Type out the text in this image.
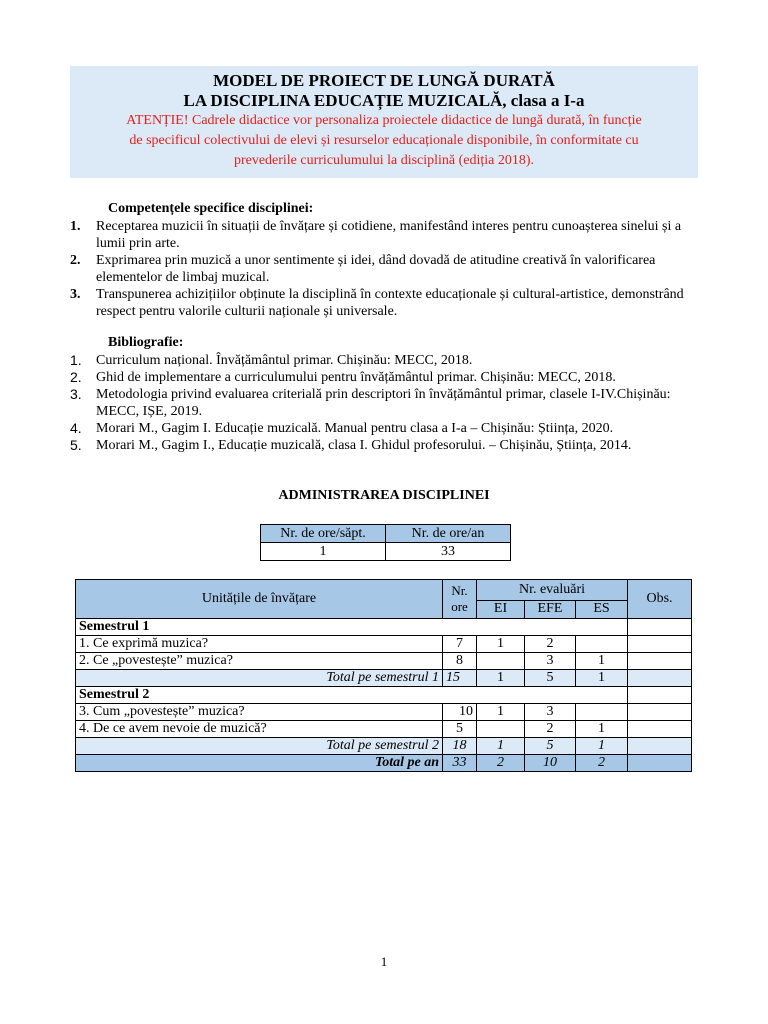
MODEL DE PROIECT DE LUNGĂ DURATĂ
LA DISCIPLINA EDUCAȚIE MUZICALĂ, clasa a I-a
ATENȚIE! Cadrele didactice vor personaliza proiectele didactice de lungă durată, în funcție
de specificul colectivului de elevi și resurselor educaționale disponibile, în conformitate cu
prevederile curriculumului la disciplină (ediția 2018).
Competențele specifice disciplinei:
1. Receptarea muzicii în situații de învățare și cotidiene, manifestând interes pentru cunoașterea sinelui și a lumii prin arte.
2. Exprimarea prin muzică a unor sentimente și idei, dând dovadă de atitudine creativă în valorificarea elementelor de limbaj muzical.
3. Transpunerea achizițiilor obținute la disciplină în contexte educaționale și cultural-artistice, demonstrând respect pentru valorile culturii naționale și universale.
Bibliografie:
1. Curriculum național. Învățământul primar. Chișinău: MECC, 2018.
2. Ghid de implementare a curriculumului pentru învățământul primar. Chișinău: MECC, 2018.
3. Metodologia privind evaluarea criterială prin descriptori în învățământul primar, clasele I-IV.Chișinău: MECC, IȘE, 2019.
4. Morari M., Gagim I. Educație muzicală. Manual pentru clasa a I-a – Chișinău: Știința, 2020.
5. Morari M., Gagim I., Educație muzicală, clasa I. Ghidul profesorului. – Chișinău, Știința, 2014.
ADMINISTRAREA DISCIPLINEI
Nr. de ore/săpt.	Nr. de ore/an
1	33
Unitățile de învățare	Nr. ore	Nr. evaluări			Obs.
		EI	EFE	ES	
Semestrul 1					
1. Ce exprimă muzica?	7	1	2		
2. Ce „povestește” muzica?	8		3	1	
Total pe semestrul 1	15	1	5	1	
Semestrul 2					
3. Cum „povestește” muzica?	10	1	3		
4. De ce avem nevoie de muzică?	5		2	1	
Total pe semestrul 2	18	1	5	1	
Total pe an	33	2	10	2	
1
